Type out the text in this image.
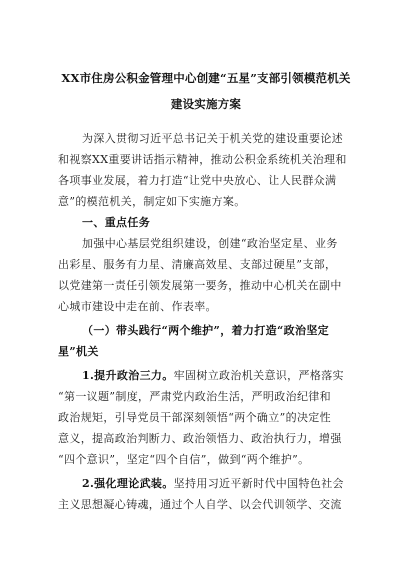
XX市住房公积金管理中心创建“五星”支部引领模范机关
建设实施方案
为深入贯彻习近平总书记关于机关党的建设重要论述
和视察XX重要讲话指示精神，推动公积金系统机关治理和
各项事业发展，着力打造“让党中央放心、让人民群众满
意”的模范机关，制定如下实施方案。
一、重点任务
加强中心基层党组织建设，创建“政治坚定星、业务
出彩星、服务有力星、清廉高效星、支部过硬星”支部，
以党建第一责任引领发展第一要务，推动中心机关在副中
心城市建设中走在前、作表率。
（一）带头践行“两个维护”，着力打造“政治坚定
星”机关
1.提升政治三力。牢固树立政治机关意识，严格落实
“第一议题”制度，严肃党内政治生活，严明政治纪律和
政治规矩，引导党员干部深刻领悟“两个确立”的决定性
意义，提高政治判断力、政治领悟力、政治执行力，增强
“四个意识”，坚定“四个自信”，做到“两个维护”。
2.强化理论武装。坚持用习近平新时代中国特色社会
主义思想凝心铸魂，通过个人自学、以会代训领学、交流
